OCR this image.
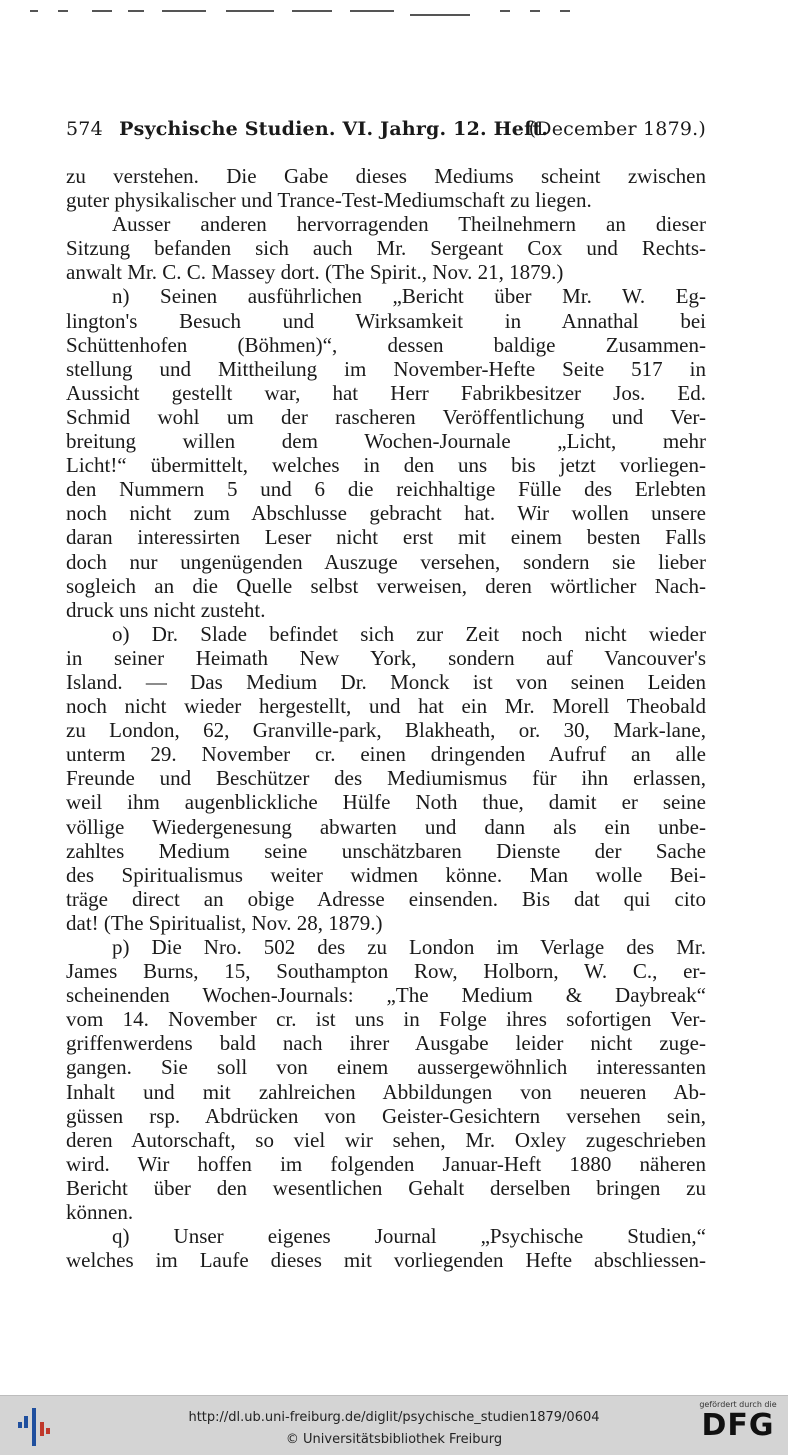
574 Psychische Studien. VI. Jahrg. 12. Heft.
(December 1879.)
zu verstehen. Die Gabe dieses Mediums scheint zwischen
guter physikalischer und Trance-Test-Mediumschaft zu liegen.
Ausser anderen hervorragenden Theilnehmern an dieser
Sitzung befanden sich auch Mr. Sergeant Cox und Rechts-
anwalt Mr. C. C. Massey dort. (The Spirit., Nov. 21, 1879.)
n) Seinen ausführlichen „Bericht über Mr. W. Eg-
lington's Besuch und Wirksamkeit in Annathal bei
Schüttenhofen (Böhmen)“, dessen baldige Zusammen-
stellung und Mittheilung im November-Hefte Seite 517 in
Aussicht gestellt war, hat Herr Fabrikbesitzer Jos. Ed.
Schmid wohl um der rascheren Veröffentlichung und Ver-
breitung willen dem Wochen-Journale „Licht, mehr
Licht!“ übermittelt, welches in den uns bis jetzt vorliegen-
den Nummern 5 und 6 die reichhaltige Fülle des Erlebten
noch nicht zum Abschlusse gebracht hat. Wir wollen unsere
daran interessirten Leser nicht erst mit einem besten Falls
doch nur ungenügenden Auszuge versehen, sondern sie lieber
sogleich an die Quelle selbst verweisen, deren wörtlicher Nach-
druck uns nicht zusteht.
o) Dr. Slade befindet sich zur Zeit noch nicht wieder
in seiner Heimath New York, sondern auf Vancouver's
Island. — Das Medium Dr. Monck ist von seinen Leiden
noch nicht wieder hergestellt, und hat ein Mr. Morell Theobald
zu London, 62, Granville-park, Blakheath, or. 30, Mark-lane,
unterm 29. November cr. einen dringenden Aufruf an alle
Freunde und Beschützer des Mediumismus für ihn erlassen,
weil ihm augenblickliche Hülfe Noth thue, damit er seine
völlige Wiedergenesung abwarten und dann als ein unbe-
zahltes Medium seine unschätzbaren Dienste der Sache
des Spiritualismus weiter widmen könne. Man wolle Bei-
träge direct an obige Adresse einsenden. Bis dat qui cito
dat! (The Spiritualist, Nov. 28, 1879.)
p) Die Nro. 502 des zu London im Verlage des Mr.
James Burns, 15, Southampton Row, Holborn, W. C., er-
scheinenden Wochen-Journals: „The Medium & Daybreak“
vom 14. November cr. ist uns in Folge ihres sofortigen Ver-
griffenwerdens bald nach ihrer Ausgabe leider nicht zuge-
gangen. Sie soll von einem aussergewöhnlich interessanten
Inhalt und mit zahlreichen Abbildungen von neueren Ab-
güssen rsp. Abdrücken von Geister-Gesichtern versehen sein,
deren Autorschaft, so viel wir sehen, Mr. Oxley zugeschrieben
wird. Wir hoffen im folgenden Januar-Heft 1880 näheren
Bericht über den wesentlichen Gehalt derselben bringen zu
können.
q) Unser eigenes Journal „Psychische Studien,“
welches im Laufe dieses mit vorliegenden Hefte abschliessen-
http://dl.ub.uni-freiburg.de/diglit/psychische_studien1879/0604
© Universitätsbibliothek Freiburg
gefördert durch die
DFG
